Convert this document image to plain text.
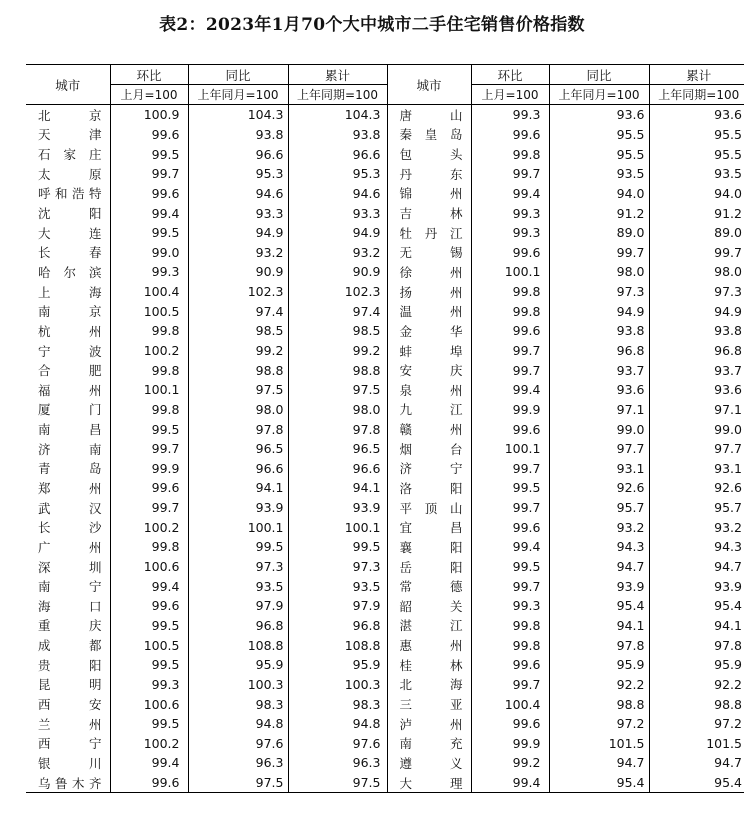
表2：2023年1月70个大中城市二手住宅销售价格指数
城市	环比	同比	累计	城市	环比	同比	累计
	上月=100	上年同月=100	上年同期=100		上月=100	上年同月=100	上年同期=100
北 京	100.9	104.3	104.3	唐 山	99.3	93.6	93.6
天 津	99.6	93.8	93.8	秦皇岛	99.6	95.5	95.5
石家庄	99.5	96.6	96.6	包 头	99.8	95.5	95.5
太 原	99.7	95.3	95.3	丹 东	99.7	93.5	93.5
呼和浩特	99.6	94.6	94.6	锦 州	99.4	94.0	94.0
沈 阳	99.4	93.3	93.3	吉 林	99.3	91.2	91.2
大 连	99.5	94.9	94.9	牡丹江	99.3	89.0	89.0
长 春	99.0	93.2	93.2	无 锡	99.6	99.7	99.7
哈尔滨	99.3	90.9	90.9	徐 州	100.1	98.0	98.0
上 海	100.4	102.3	102.3	扬 州	99.8	97.3	97.3
南 京	100.5	97.4	97.4	温 州	99.8	94.9	94.9
杭 州	99.8	98.5	98.5	金 华	99.6	93.8	93.8
宁 波	100.2	99.2	99.2	蚌 埠	99.7	96.8	96.8
合 肥	99.8	98.8	98.8	安 庆	99.7	93.7	93.7
福 州	100.1	97.5	97.5	泉 州	99.4	93.6	93.6
厦 门	99.8	98.0	98.0	九 江	99.9	97.1	97.1
南 昌	99.5	97.8	97.8	赣 州	99.6	99.0	99.0
济 南	99.7	96.5	96.5	烟 台	100.1	97.7	97.7
青 岛	99.9	96.6	96.6	济 宁	99.7	93.1	93.1
郑 州	99.6	94.1	94.1	洛 阳	99.5	92.6	92.6
武 汉	99.7	93.9	93.9	平顶山	99.7	95.7	95.7
长 沙	100.2	100.1	100.1	宜 昌	99.6	93.2	93.2
广 州	99.8	99.5	99.5	襄 阳	99.4	94.3	94.3
深 圳	100.6	97.3	97.3	岳 阳	99.5	94.7	94.7
南 宁	99.4	93.5	93.5	常 德	99.7	93.9	93.9
海 口	99.6	97.9	97.9	韶 关	99.3	95.4	95.4
重 庆	99.5	96.8	96.8	湛 江	99.8	94.1	94.1
成 都	100.5	108.8	108.8	惠 州	99.8	97.8	97.8
贵 阳	99.5	95.9	95.9	桂 林	99.6	95.9	95.9
昆 明	99.3	100.3	100.3	北 海	99.7	92.2	92.2
西 安	100.6	98.3	98.3	三 亚	100.4	98.8	98.8
兰 州	99.5	94.8	94.8	泸 州	99.6	97.2	97.2
西 宁	100.2	97.6	97.6	南 充	99.9	101.5	101.5
银 川	99.4	96.3	96.3	遵 义	99.2	94.7	94.7
乌鲁木齐	99.6	97.5	97.5	大 理	99.4	95.4	95.4
